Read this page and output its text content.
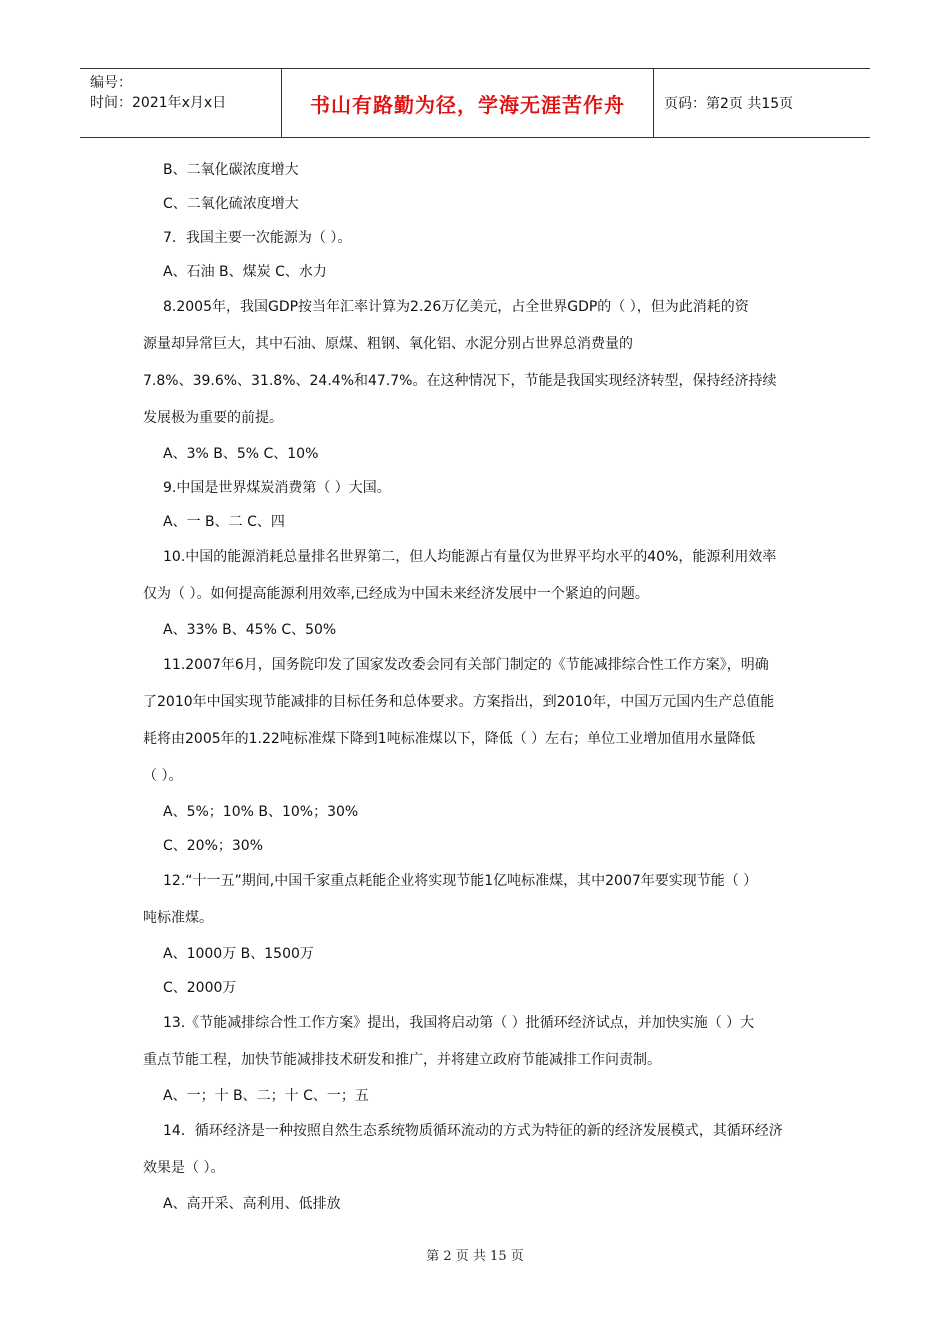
编号：
时间：2021年x月x日	书山有路勤为径，学海无涯苦作舟	页码：第2页 共15页
B、二氧化碳浓度增大
C、二氧化硫浓度增大
7．我国主要一次能源为（ ）。
A、石油 B、煤炭 C、水力
8.2005年，我国GDP按当年汇率计算为2.26万亿美元，占全世界GDP的（ ），但为此消耗的资
源量却异常巨大，其中石油、原煤、粗钢、氧化铝、水泥分别占世界总消费量的
7.8%、39.6%、31.8%、24.4%和47.7%。在这种情况下，节能是我国实现经济转型，保持经济持续
发展极为重要的前提。
A、3% B、5% C、10%
9.中国是世界煤炭消费第（ ）大国。
A、一 B、二 C、四
10.中国的能源消耗总量排名世界第二，但人均能源占有量仅为世界平均水平的40%，能源利用效率
仅为（ ）。如何提高能源利用效率,已经成为中国未来经济发展中一个紧迫的问题。
A、33% B、45% C、50%
11.2007年6月，国务院印发了国家发改委会同有关部门制定的《节能减排综合性工作方案》，明确
了2010年中国实现节能减排的目标任务和总体要求。方案指出，到2010年，中国万元国内生产总值能
耗将由2005年的1.22吨标准煤下降到1吨标准煤以下，降低（ ）左右；单位工业增加值用水量降低
（ ）。
A、5%；10% B、10%；30%
C、20%；30%
12.“十一五”期间,中国千家重点耗能企业将实现节能1亿吨标准煤，其中2007年要实现节能（ ）
吨标准煤。
A、1000万 B、1500万
C、2000万
13.《节能减排综合性工作方案》提出，我国将启动第（ ）批循环经济试点，并加快实施（ ）大
重点节能工程，加快节能减排技术研发和推广，并将建立政府节能减排工作问责制。
A、一；十 B、二；十 C、一；五
14．循环经济是一种按照自然生态系统物质循环流动的方式为特征的新的经济发展模式，其循环经济
效果是（ ）。
A、高开采、高利用、低排放
第 2 页 共 15 页
